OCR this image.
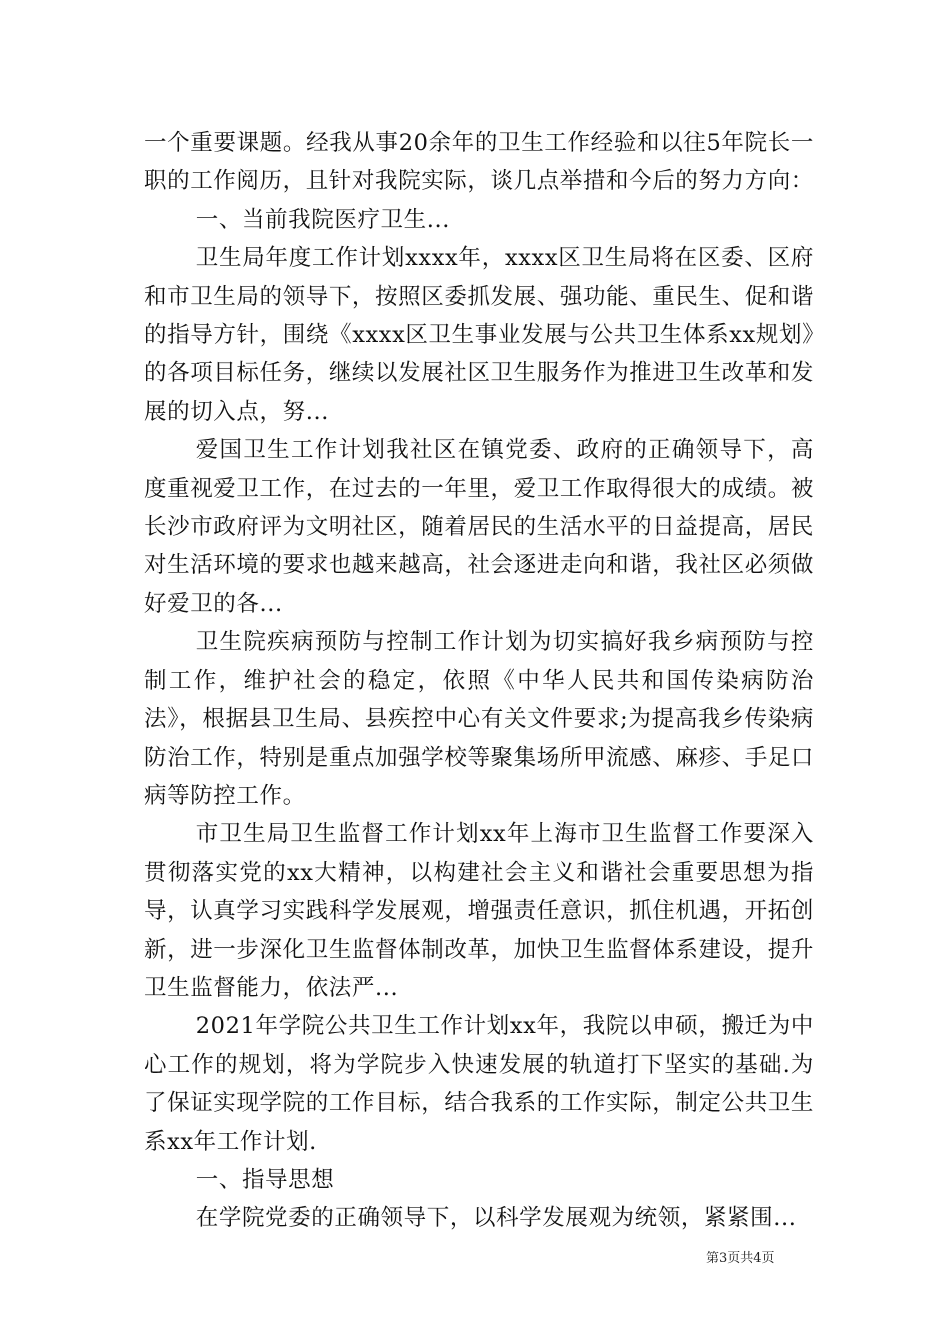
一个重要课题。经我从事20余年的卫生工作经验和以往5年院长一职的工作阅历，且针对我院实际，谈几点举措和今后的努力方向：

一、当前我院医疗卫生...

卫生局年度工作计划xxxx年，xxxx区卫生局将在区委、区府和市卫生局的领导下，按照区委抓发展、强功能、重民生、促和谐的指导方针，围绕《xxxx区卫生事业发展与公共卫生体系xx规划》的各项目标任务，继续以发展社区卫生服务作为推进卫生改革和发展的切入点，努...

爱国卫生工作计划我社区在镇党委、政府的正确领导下，高度重视爱卫工作，在过去的一年里，爱卫工作取得很大的成绩。被长沙市政府评为文明社区，随着居民的生活水平的日益提高，居民对生活环境的要求也越来越高，社会逐进走向和谐，我社区必须做好爱卫的各...

卫生院疾病预防与控制工作计划为切实搞好我乡病预防与控制工作，维护社会的稳定，依照《中华人民共和国传染病防治法》，根据县卫生局、县疾控中心有关文件要求;为提高我乡传染病防治工作，特别是重点加强学校等聚集场所甲流感、麻疹、手足口病等防控工作。

市卫生局卫生监督工作计划xx年上海市卫生监督工作要深入贯彻落实党的xx大精神，以构建社会主义和谐社会重要思想为指导，认真学习实践科学发展观，增强责任意识，抓住机遇，开拓创新，进一步深化卫生监督体制改革，加快卫生监督体系建设，提升卫生监督能力，依法严...

2021年学院公共卫生工作计划xx年，我院以申硕，搬迁为中心工作的规划，将为学院步入快速发展的轨道打下坚实的基础.为了保证实现学院的工作目标，结合我系的工作实际，制定公共卫生系xx年工作计划.

一、指导思想

在学院党委的正确领导下，以科学发展观为统领，紧紧围...

第3页共4页
